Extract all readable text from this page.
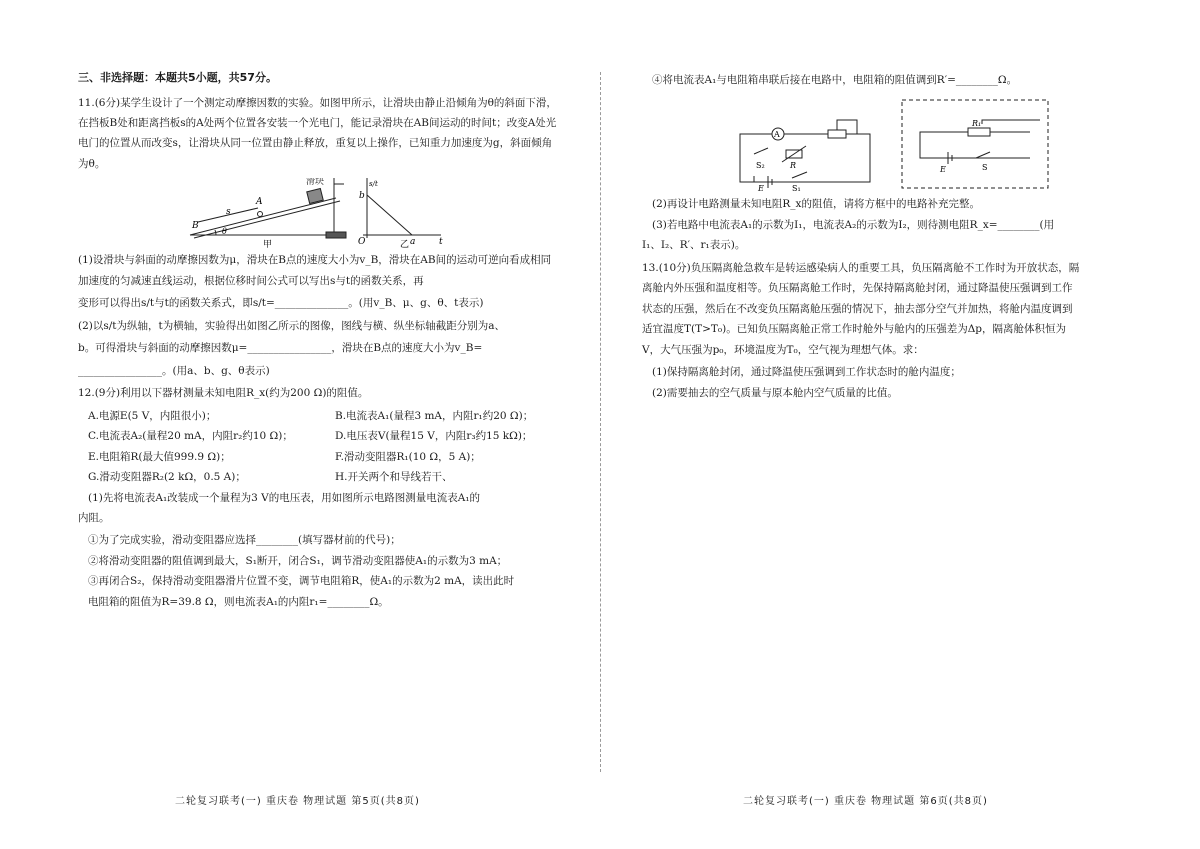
三、非选择题：本题共5小题，共57分。

11.(6分)某学生设计了一个测定动摩擦因数的实验。如图甲所示，让滑块由静止沿倾角为θ的斜面下滑，在挡板B处和距离挡板s的A处两个位置各安装一个光电门，能记录滑块在AB间运动的时间t；改变A处光电门的位置从而改变s，让滑块从同一位置由静止释放，重复以上操作，已知重力加速度为g，斜面倾角为θ。

滑块
A
B
s
θ
甲	O
b
a	t
s/t
乙

(1)设滑块与斜面的动摩擦因数为μ，滑块在B点的速度大小为v_B，滑块在AB间的运动可逆向看成相同加速度的匀减速直线运动，根据位移时间公式可以写出s与t的函数关系，再

变形可以得出s/t与t的函数关系式，即s/t=______________。(用v_B、μ、g、θ、t表示)

(2)以s/t为纵轴，t为横轴，实验得出如图乙所示的图像，图线与横、纵坐标轴截距分别为a、

b。可得滑块与斜面的动摩擦因数μ=________________，滑块在B点的速度大小为v_B=

________________。(用a、b、g、θ表示)

12.(9分)利用以下器材测量未知电阻R_x(约为200 Ω)的阻值。

A.电源E(5 V，内阻很小)；	B.电流表A₁(量程3 mA，内阻r₁约20 Ω)；
C.电流表A₂(量程20 mA，内阻r₂约10 Ω)；	D.电压表V(量程15 V，内阻r₃约15 kΩ)；
E.电阻箱R(最大值999.9 Ω)；	F.滑动变阻器R₁(10 Ω，5 A)；
G.滑动变阻器R₂(2 kΩ，0.5 A)；	H.开关两个和导线若干、

(1)先将电流表A₁改装成一个量程为3 V的电压表，用如图所示电路图测量电流表A₁的

内阻。

①为了完成实验，滑动变阻器应选择________(填写器材前的代号)；

②将滑动变阻器的阻值调到最大，S₁断开，闭合S₁，调节滑动变阻器使A₁的示数为3 mA；

③再闭合S₂，保持滑动变阻器滑片位置不变，调节电阻箱R，使A₁的示数为2 mA，读出此时

电阻箱的阻值为R=39.8 Ω，则电流表A₁的内阻r₁=________Ω。

④将电流表A₁与电阻箱串联后接在电路中，电阻箱的阻值调到R′=________Ω。

A
R
S₂
E	S₁
R₁
E	S

(2)再设计电路测量未知电阻R_x的阻值，请将方框中的电路补充完整。

(3)若电路中电流表A₁的示数为I₁，电流表A₂的示数为I₂，则待测电阻R_x=________(用

I₁、I₂、R′、r₁表示)。

13.(10分)负压隔离舱急救车是转运感染病人的重要工具，负压隔离舱不工作时为开放状态，隔离舱内外压强和温度相等。负压隔离舱工作时，先保持隔离舱封闭，通过降温使压强调到工作状态的压强，然后在不改变负压隔离舱压强的情况下，抽去部分空气并加热，将舱内温度调到适宜温度T(T>T₀)。已知负压隔离舱正常工作时舱外与舱内的压强差为Δp，隔离舱体积恒为V，大气压强为p₀，环境温度为T₀，空气视为理想气体。求：

(1)保持隔离舱封闭，通过降温使压强调到工作状态时的舱内温度；

(2)需要抽去的空气质量与原本舱内空气质量的比值。

二轮复习联考(一) 重庆卷 物理试题 第5页(共8页)	二轮复习联考(一) 重庆卷 物理试题 第6页(共8页)
